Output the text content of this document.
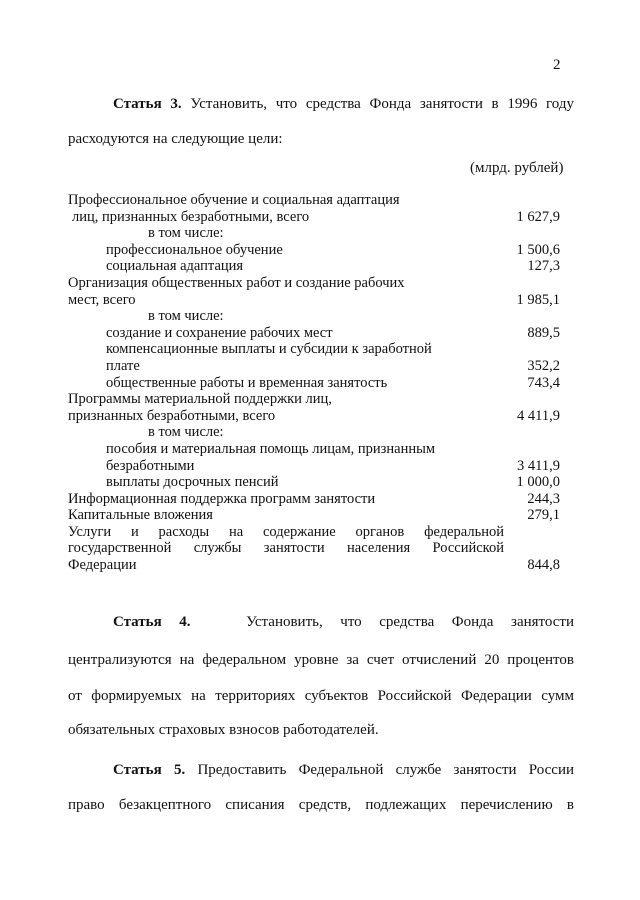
2
Статья 3. Установить, что средства Фонда занятости в 1996 году
расходуются на следующие цели:
(млрд. рублей)
Профессиональное обучение и социальная адаптация
лиц, признанных безработными, всего	1 627,9
в том числе:
профессиональное обучение	1 500,6
социальная адаптация	127,3
Организация общественных работ и создание рабочих
мест, всего	1 985,1
в том числе:
создание и сохранение рабочих мест	889,5
компенсационные выплаты и субсидии к заработной
плате	352,2
общественные работы и временная занятость	743,4
Программы материальной поддержки лиц,
признанных безработными, всего	4 411,9
в том числе:
пособия и материальная помощь лицам, признанным
безработными	3 411,9
выплаты досрочных пенсий	1 000,0
Информационная поддержка программ занятости	244,3
Капитальные вложения	279,1
Услуги и расходы на содержание органов федеральной
государственной службы занятости населения Российской
Федерации	844,8
Статья 4.	Установить, что средства Фонда занятости
централизуются на федеральном уровне за счет отчислений 20 процентов
от формируемых на территориях субъектов Российской Федерации сумм
обязательных страховых взносов работодателей.
Статья 5. Предоставить Федеральной службе занятости России
право безакцептного списания средств, подлежащих перечислению в
